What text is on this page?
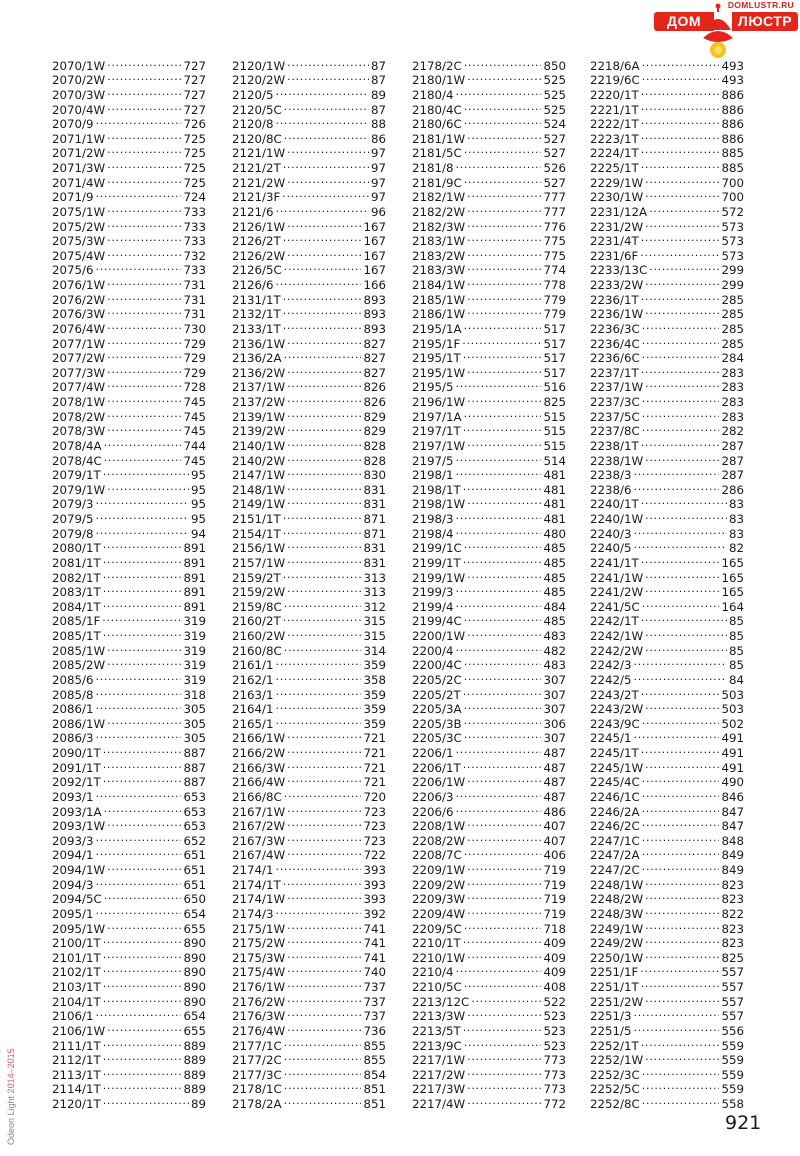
DOMLUSTR.RU
ДОМ	ЛЮСТР
2070/1W . . .	727
2070/2W . . .	727
2070/3W . . .	727
2070/4W . . .	727
2070/9 . . .	726
2071/1W . . .	725
2071/2W . . .	725
2071/3W . . .	725
2071/4W . . .	725
2071/9 . . .	724
2075/1W . . .	733
2075/2W . . .	733
2075/3W . . .	733
2075/4W . . .	732
2075/6 . . .	733
2076/1W . . .	731
2076/2W . . .	731
2076/3W . . .	731
2076/4W . . .	730
2077/1W . . .	729
2077/2W . . .	729
2077/3W . . .	729
2077/4W . . .	728
2078/1W . . .	745
2078/2W . . .	745
2078/3W . . .	745
2078/4A . . .	744
2078/4C . . .	745
2079/1T . . .	95
2079/1W . . .	95
2079/3 . . .	95
2079/5 . . .	95
2079/8 . . .	94
2080/1T . . .	891
2081/1T . . .	891
2082/1T . . .	891
2083/1T . . .	891
2084/1T . . .	891
2085/1F . . .	319
2085/1T . . .	319
2085/1W . . .	319
2085/2W . . .	319
2085/6 . . .	319
2085/8 . . .	318
2086/1 . . .	305
2086/1W . . .	305
2086/3 . . .	305
2090/1T . . .	887
2091/1T . . .	887
2092/1T . . .	887
2093/1 . . .	653
2093/1A . . .	653
2093/1W . . .	653
2093/3 . . .	652
2094/1 . . .	651
2094/1W . . .	651
2094/3 . . .	651
2094/5C . . .	650
2095/1 . . .	654
2095/1W . . .	655
2100/1T . . .	890
2101/1T . . .	890
2102/1T . . .	890
2103/1T . . .	890
2104/1T . . .	890
2106/1 . . .	654
2106/1W . . .	655
2111/1T . . .	889
2112/1T . . .	889
2113/1T . . .	889
2114/1T . . .	889
2120/1T . . .	89
2120/1W . . .	87
2120/2W . . .	87
2120/5 . . .	89
2120/5C . . .	87
2120/8 . . .	88
2120/8C . . .	86
2121/1W . . .	97
2121/2T . . .	97
2121/2W . . .	97
2121/3F . . .	97
2121/6 . . .	96
2126/1W . . .	167
2126/2T . . .	167
2126/2W . . .	167
2126/5C . . .	167
2126/6 . . .	166
2131/1T . . .	893
2132/1T . . .	893
2133/1T . . .	893
2136/1W . . .	827
2136/2A . . .	827
2136/2W . . .	827
2137/1W . . .	826
2137/2W . . .	826
2139/1W . . .	829
2139/2W . . .	829
2140/1W . . .	828
2140/2W . . .	828
2147/1W . . .	830
2148/1W . . .	831
2149/1W . . .	831
2151/1T . . .	871
2154/1T . . .	871
2156/1W . . .	831
2157/1W . . .	831
2159/2T . . .	313
2159/2W . . .	313
2159/8C . . .	312
2160/2T . . .	315
2160/2W . . .	315
2160/8C . . .	314
2161/1 . . .	359
2162/1 . . .	358
2163/1 . . .	359
2164/1 . . .	359
2165/1 . . .	359
2166/1W . . .	721
2166/2W . . .	721
2166/3W . . .	721
2166/4W . . .	721
2166/8C . . .	720
2167/1W . . .	723
2167/2W . . .	723
2167/3W . . .	723
2167/4W . . .	722
2174/1 . . .	393
2174/1T . . .	393
2174/1W . . .	393
2174/3 . . .	392
2175/1W . . .	741
2175/2W . . .	741
2175/3W . . .	741
2175/4W . . .	740
2176/1W . . .	737
2176/2W . . .	737
2176/3W . . .	737
2176/4W . . .	736
2177/1C . . .	855
2177/2C . . .	855
2177/3C . . .	854
2178/1C . . .	851
2178/2A . . .	851
2178/2C . . .	850
2180/1W . . .	525
2180/4 . . .	525
2180/4C . . .	525
2180/6C . . .	524
2181/1W . . .	527
2181/5C . . .	527
2181/8 . . .	526
2181/9C . . .	527
2182/1W . . .	777
2182/2W . . .	777
2182/3W . . .	776
2183/1W . . .	775
2183/2W . . .	775
2183/3W . . .	774
2184/1W . . .	778
2185/1W . . .	779
2186/1W . . .	779
2195/1A . . .	517
2195/1F . . .	517
2195/1T . . .	517
2195/1W . . .	517
2195/5 . . .	516
2196/1W . . .	825
2197/1A . . .	515
2197/1T . . .	515
2197/1W . . .	515
2197/5 . . .	514
2198/1 . . .	481
2198/1T . . .	481
2198/1W . . .	481
2198/3 . . .	481
2198/4 . . .	480
2199/1C . . .	485
2199/1T . . .	485
2199/1W . . .	485
2199/3 . . .	485
2199/4 . . .	484
2199/4C . . .	485
2200/1W . . .	483
2200/4 . . .	482
2200/4C . . .	483
2205/2C . . .	307
2205/2T . . .	307
2205/3A . . .	307
2205/3B . . .	306
2205/3C . . .	307
2206/1 . . .	487
2206/1T . . .	487
2206/1W . . .	487
2206/3 . . .	487
2206/6 . . .	486
2208/1W . . .	407
2208/2W . . .	407
2208/7C . . .	406
2209/1W . . .	719
2209/2W . . .	719
2209/3W . . .	719
2209/4W . . .	719
2209/5C . . .	718
2210/1T . . .	409
2210/1W . . .	409
2210/4 . . .	409
2210/5C . . .	408
2213/12C . . .	522
2213/3W . . .	523
2213/5T . . .	523
2213/9C . . .	523
2217/1W . . .	773
2217/2W . . .	773
2217/3W . . .	773
2217/4W . . .	772
2218/6A . . .	493
2219/6C . . .	493
2220/1T . . .	886
2221/1T . . .	886
2222/1T . . .	886
2223/1T . . .	886
2224/1T . . .	885
2225/1T . . .	885
2229/1W . . .	700
2230/1W . . .	700
2231/12A . . .	572
2231/2W . . .	573
2231/4T . . .	573
2231/6F . . .	573
2233/13C . . .	299
2233/2W . . .	299
2236/1T . . .	285
2236/1W . . .	285
2236/3C . . .	285
2236/4C . . .	285
2236/6C . . .	284
2237/1T . . .	283
2237/1W . . .	283
2237/3C . . .	283
2237/5C . . .	283
2237/8C . . .	282
2238/1T . . .	287
2238/1W . . .	287
2238/3 . . .	287
2238/6 . . .	286
2240/1T . . .	83
2240/1W . . .	83
2240/3 . . .	83
2240/5 . . .	82
2241/1T . . .	165
2241/1W . . .	165
2241/2W . . .	165
2241/5C . . .	164
2242/1T . . .	85
2242/1W . . .	85
2242/2W . . .	85
2242/3 . . .	85
2242/5 . . .	84
2243/2T . . .	503
2243/2W . . .	503
2243/9C . . .	502
2245/1 . . .	491
2245/1T . . .	491
2245/1W . . .	491
2245/4C . . .	490
2246/1C . . .	846
2246/2A . . .	847
2246/2C . . .	847
2247/1C . . .	848
2247/2A . . .	849
2247/2C . . .	849
2248/1W . . .	823
2248/2W . . .	823
2248/3W . . .	822
2249/1W . . .	823
2249/2W . . .	823
2250/1W . . .	825
2251/1F . . .	557
2251/1T . . .	557
2251/2W . . .	557
2251/3 . . .	557
2251/5 . . .	556
2252/1T . . .	559
2252/1W . . .	559
2252/3C . . .	559
2252/5C . . .	559
2252/8C . . .	558
921
Odeon Light 2014–2015
